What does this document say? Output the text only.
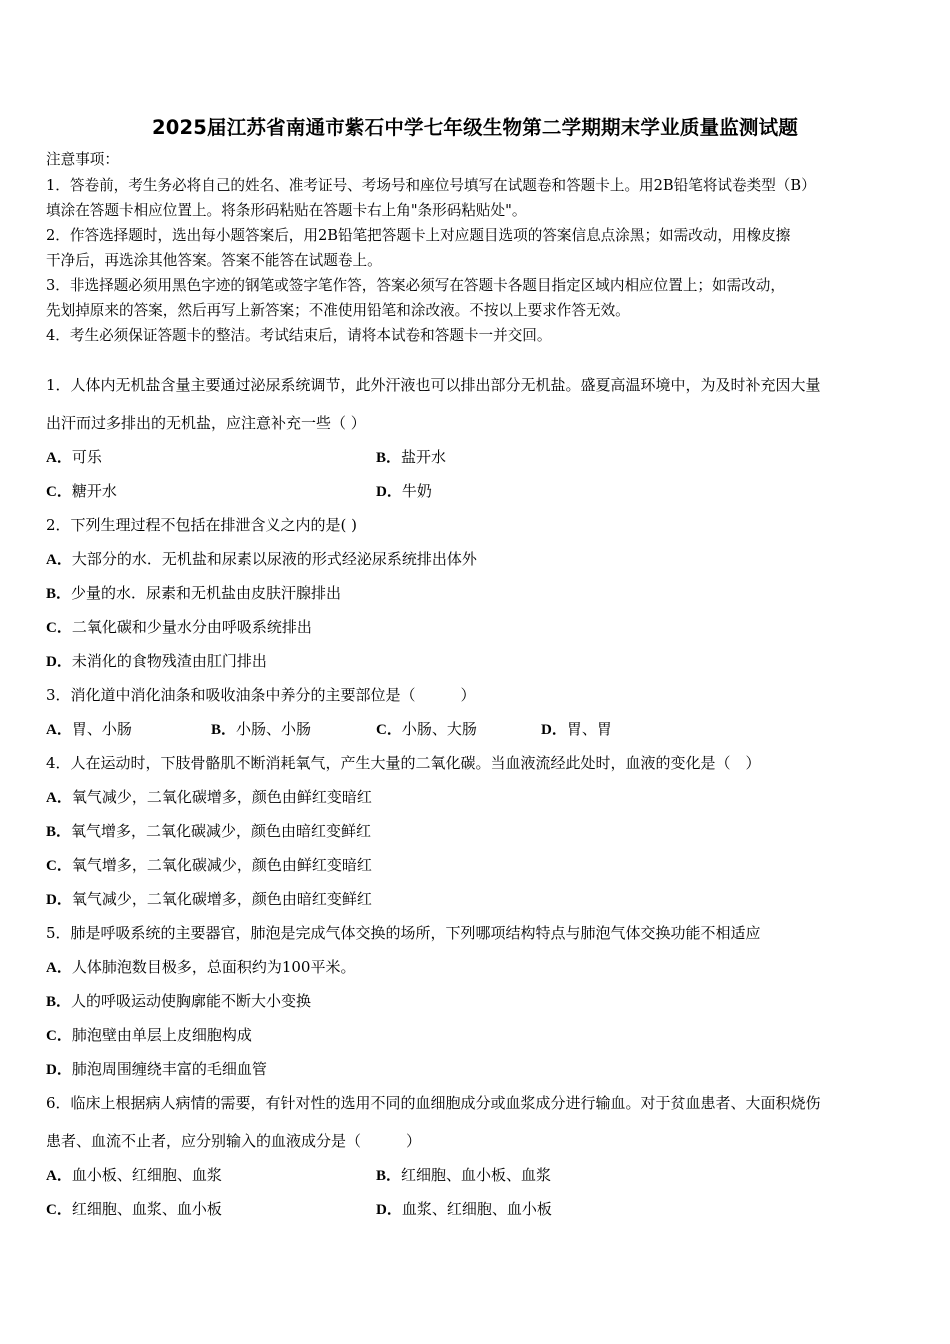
2025届江苏省南通市紫石中学七年级生物第二学期期末学业质量监测试题
注意事项：
1．答卷前，考生务必将自己的姓名、准考证号、考场号和座位号填写在试题卷和答题卡上。用2B铅笔将试卷类型（B）
填涂在答题卡相应位置上。将条形码粘贴在答题卡右上角"条形码粘贴处"。
2．作答选择题时，选出每小题答案后，用2B铅笔把答题卡上对应题目选项的答案信息点涂黑；如需改动，用橡皮擦
干净后，再选涂其他答案。答案不能答在试题卷上。
3．非选择题必须用黑色字迹的钢笔或签字笔作答，答案必须写在答题卡各题目指定区域内相应位置上；如需改动，
先划掉原来的答案，然后再写上新答案；不准使用铅笔和涂改液。不按以上要求作答无效。
4．考生必须保证答题卡的整洁。考试结束后，请将本试卷和答题卡一并交回。
1．人体内无机盐含量主要通过泌尿系统调节，此外汗液也可以排出部分无机盐。盛夏高温环境中，为及时补充因大量
出汗而过多排出的无机盐，应注意补充一些（ ）
A．可乐	B．盐开水
C．糖开水	D．牛奶
2．下列生理过程不包括在排泄含义之内的是( )
A．大部分的水．无机盐和尿素以尿液的形式经泌尿系统排出体外
B．少量的水．尿素和无机盐由皮肤汗腺排出
C．二氧化碳和少量水分由呼吸系统排出
D．未消化的食物残渣由肛门排出
3．消化道中消化油条和吸收油条中养分的主要部位是（　　　）
A．胃、小肠	B．小肠、小肠	C．小肠、大肠	D．胃、胃
4．人在运动时，下肢骨骼肌不断消耗氧气，产生大量的二氧化碳。当血液流经此处时，血液的变化是（　）
A．氧气减少，二氧化碳增多，颜色由鲜红变暗红
B．氧气增多，二氧化碳减少，颜色由暗红变鲜红
C．氧气增多，二氧化碳减少，颜色由鲜红变暗红
D．氧气减少，二氧化碳增多，颜色由暗红变鲜红
5．肺是呼吸系统的主要器官，肺泡是完成气体交换的场所，下列哪项结构特点与肺泡气体交换功能不相适应
A．人体肺泡数目极多，总面积约为100平米。
B．人的呼吸运动使胸廓能不断大小变换
C．肺泡壁由单层上皮细胞构成
D．肺泡周围缠绕丰富的毛细血管
6．临床上根据病人病情的需要，有针对性的选用不同的血细胞成分或血浆成分进行输血。对于贫血患者、大面积烧伤
患者、血流不止者，应分别输入的血液成分是（　　　）
A．血小板、红细胞、血浆	B．红细胞、血小板、血浆
C．红细胞、血浆、血小板	D．血浆、红细胞、血小板
